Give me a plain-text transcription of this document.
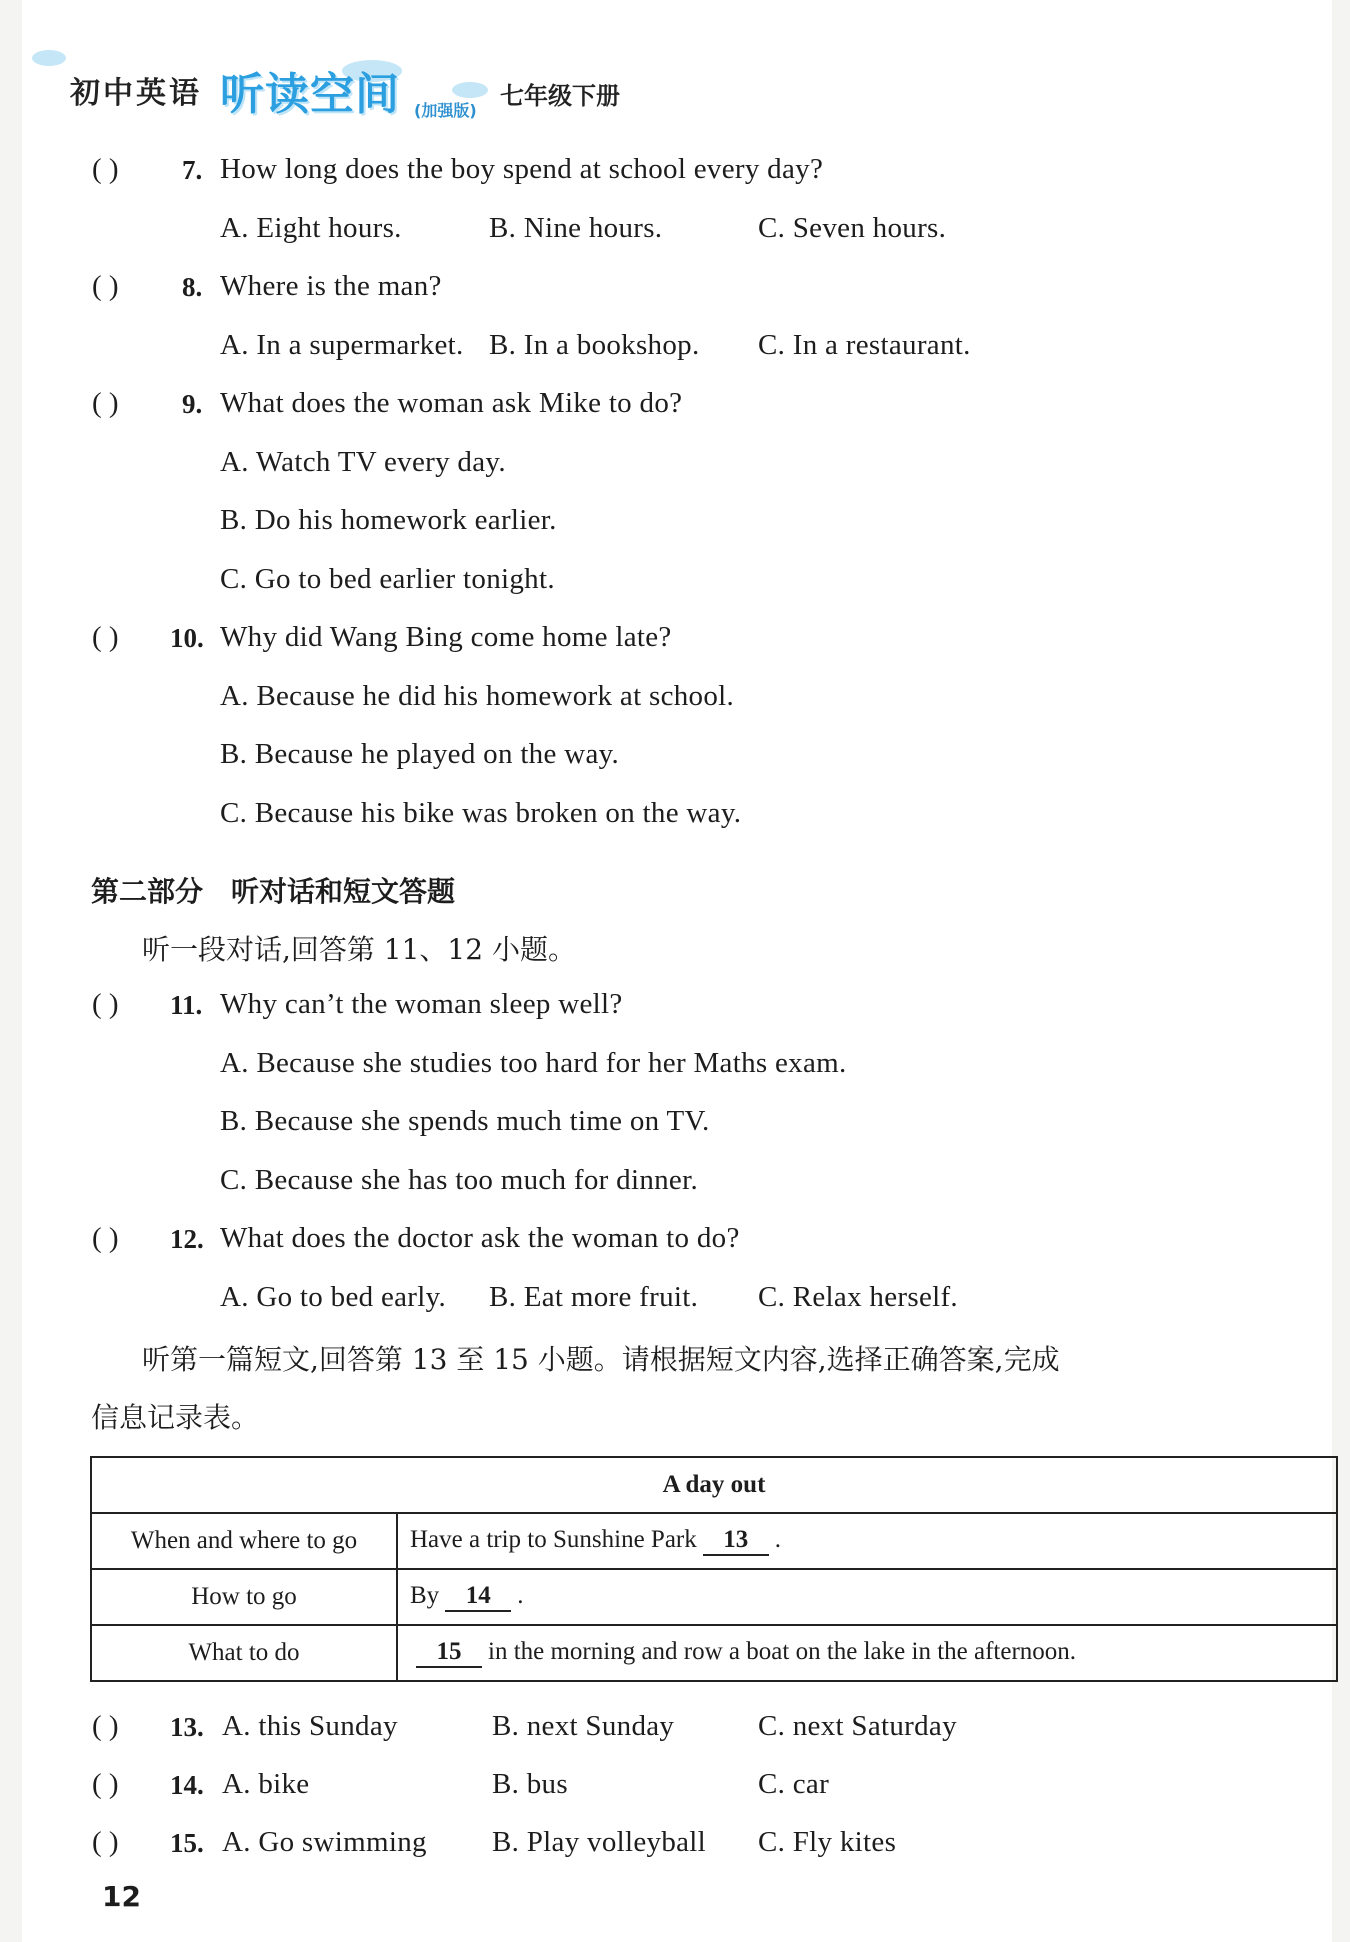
初中英语 听读空间 (加强版)
七年级下册
( ) 7. How long does the boy spend at school every day?
A. Eight hours.	B. Nine hours.	C. Seven hours.
( ) 8. Where is the man?
A. In a supermarket. B. In a bookshop. C. In a restaurant.
( ) 9. What does the woman ask Mike to do?
A. Watch TV every day.
B. Do his homework earlier.
C. Go to bed earlier tonight.
( ) 10. Why did Wang Bing come home late?
A. Because he did his homework at school.
B. Because he played on the way.
C. Because his bike was broken on the way.
第二部分　听对话和短文答题
听一段对话,回答第 11、12 小题。
( ) 11. Why can’t the woman sleep well?
A. Because she studies too hard for her Maths exam.
B. Because she spends much time on TV.
C. Because she has too much for dinner.
( ) 12. What does the doctor ask the woman to do?
A. Go to bed early. B. Eat more fruit. C. Relax herself.
听第一篇短文,回答第 13 至 15 小题。请根据短文内容,选择正确答案,完成
信息记录表。
A day out	
When and where to go	Have a trip to Sunshine Park 13 .
How to go	By 14 .
What to do	15 in the morning and row a boat on the lake in the afternoon.
( ) 13. A. this Sunday	B. next Sunday	C. next Saturday
( ) 14. A. bike	B. bus	C. car
( ) 15. A. Go swimming B. Play volleyball C. Fly kites
12
